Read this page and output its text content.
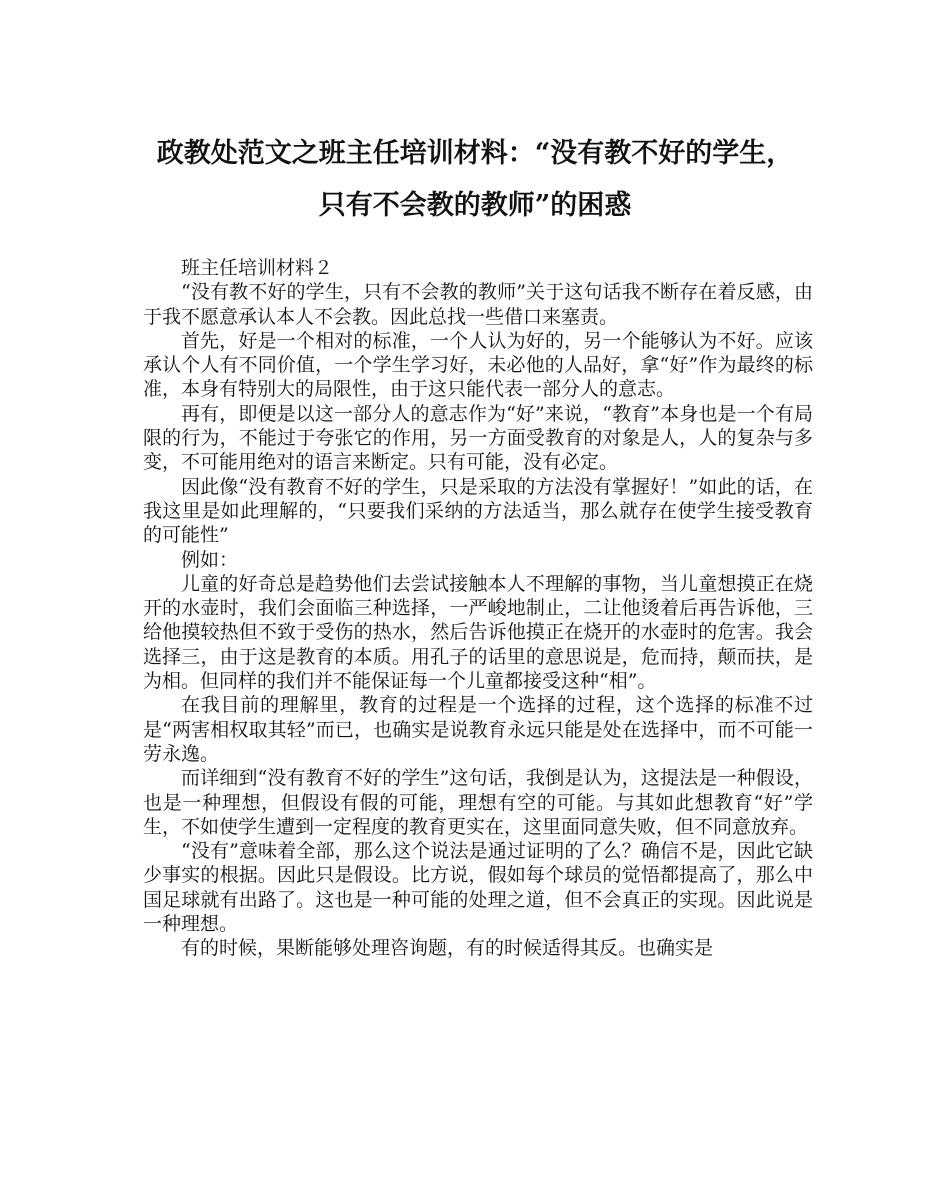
政教处范文之班主任培训材料：“没有教不好的学生，
只有不会教的教师”的困惑

班主任培训材料２

“没有教不好的学生，只有不会教的教师”关于这句话我不断存在着反感，由于我不愿意承认本人不会教。因此总找一些借口来塞责。

首先，好是一个相对的标准，一个人认为好的，另一个能够认为不好。应该承认个人有不同价值，一个学生学习好，未必他的人品好，拿“好”作为最终的标准，本身有特别大的局限性，由于这只能代表一部分人的意志。

再有，即便是以这一部分人的意志作为“好”来说，“教育”本身也是一个有局限的行为，不能过于夸张它的作用，另一方面受教育的对象是人，人的复杂与多变，不可能用绝对的语言来断定。只有可能，没有必定。

因此像“没有教育不好的学生，只是采取的方法没有掌握好！”如此的话，在我这里是如此理解的，“只要我们采纳的方法适当，那么就存在使学生接受教育的可能性”

例如：

儿童的好奇总是趋势他们去尝试接触本人不理解的事物，当儿童想摸正在烧开的水壶时，我们会面临三种选择，一严峻地制止，二让他烫着后再告诉他，三给他摸较热但不致于受伤的热水，然后告诉他摸正在烧开的水壶时的危害。我会选择三，由于这是教育的本质。用孔子的话里的意思说是，危而持，颠而扶，是为相。但同样的我们并不能保证每一个儿童都接受这种“相”。

在我目前的理解里，教育的过程是一个选择的过程，这个选择的标准不过是“两害相权取其轻”而已，也确实是说教育永远只能是处在选择中，而不可能一劳永逸。

而详细到“没有教育不好的学生”这句话，我倒是认为，这提法是一种假设，也是一种理想，但假设有假的可能，理想有空的可能。与其如此想教育“好”学生，不如使学生遭到一定程度的教育更实在，这里面同意失败，但不同意放弃。

“没有”意味着全部，那么这个说法是通过证明的了么？确信不是，因此它缺少事实的根据。因此只是假设。比方说，假如每个球员的觉悟都提高了，那么中国足球就有出路了。这也是一种可能的处理之道，但不会真正的实现。因此说是一种理想。

有的时候，果断能够处理咨询题，有的时候适得其反。也确实是
